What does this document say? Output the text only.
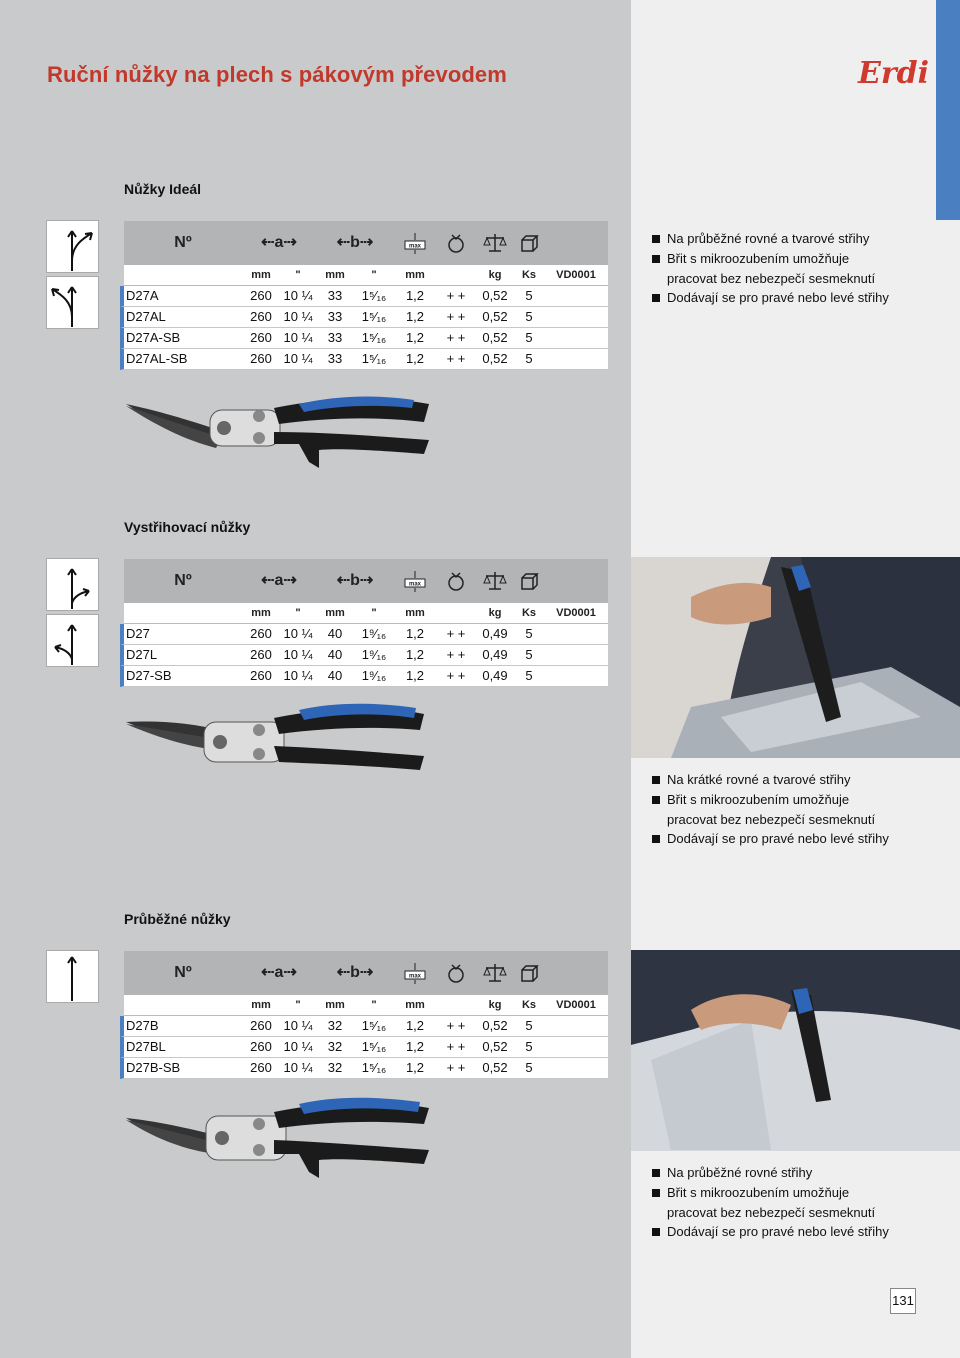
Ruční nůžky na plech s pákovým převodem	Erdi
Nůžky Ideál
Nº	⇠a⇢	⇠b⇢	max
mm	"	mm	"	mm	kg	Ks	VD0001
D27A	260 10 ¼	33	1⁵⁄₁₆	1,2	+ +	0,52	5
D27AL	260 10 ¼	33	1⁵⁄₁₆	1,2	+ +	0,52	5
D27A-SB	260 10 ¼	33	1⁵⁄₁₆	1,2	+ +	0,52	5
D27AL-SB	260 10 ¼	33	1⁵⁄₁₆	1,2	+ +	0,52	5
Na průběžné rovné a tvarové střihy
Břit s mikroozubením umožňuje pracovat bez nebezpečí sesmeknutí
Dodávají se pro pravé nebo levé střihy
Vystřihovací nůžky
Nº	⇠a⇢	⇠b⇢	max
mm	"	mm	"	mm	kg	Ks	VD0001
D27	260 10 ¼	40	1⁹⁄₁₆	1,2	+ +	0,49	5
D27L	260 10 ¼	40	1⁹⁄₁₆	1,2	+ +	0,49	5
D27-SB	260 10 ¼	40	1⁹⁄₁₆	1,2	+ +	0,49	5
Na krátké rovné a tvarové střihy
Břit s mikroozubením umožňuje pracovat bez nebezpečí sesmeknutí
Dodávají se pro pravé nebo levé střihy
Průběžné nůžky
Nº	⇠a⇢	⇠b⇢	max
mm	"	mm	"	mm	kg	Ks	VD0001
D27B	260 10 ¼	32	1⁵⁄₁₆	1,2	+ +	0,52	5
D27BL	260 10 ¼	32	1⁵⁄₁₆	1,2	+ +	0,52	5
D27B-SB	260 10 ¼	32	1⁵⁄₁₆	1,2	+ +	0,52	5
Na průběžné rovné střihy
Břit s mikroozubením umožňuje pracovat bez nebezpečí sesmeknutí
Dodávají se pro pravé nebo levé střihy
131
